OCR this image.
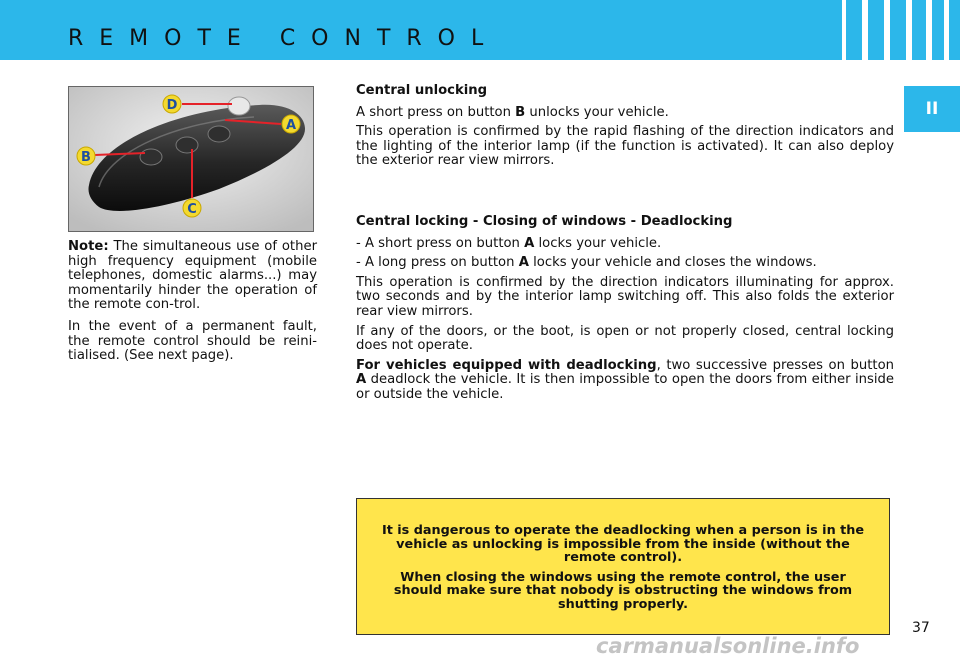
REMOTE CONTROL
II
D
A
B
C

Note: The simultaneous use of other high frequency equipment (mobile telephones, domestic alarms...) may momentarily hinder the operation of the remote con-trol.

In the event of a permanent fault, the remote control should be reini-tialised. (See next page).

Central unlocking

A short press on button B unlocks your vehicle.

This operation is confirmed by the rapid flashing of the direction indicators and the lighting of the interior lamp (if the function is activated). It can also deploy the exterior rear view mirrors.

Central locking - Closing of windows - Deadlocking

- A short press on button A locks your vehicle.

- A long press on button A locks your vehicle and closes the windows.

This operation is confirmed by the direction indicators illuminating for approx. two seconds and by the interior lamp switching off. This also folds the exterior rear view mirrors.

If any of the doors, or the boot, is open or not properly closed, central locking does not operate.

For vehicles equipped with deadlocking, two successive presses on button A deadlock the vehicle. It is then impossible to open the doors from either inside or outside the vehicle.

It is dangerous to operate the deadlocking when a person is in the vehicle as unlocking is impossible from the inside (without the remote control).

When closing the windows using the remote control, the user should make sure that nobody is obstructing the windows from shutting properly.

37
carmanualsonline.info
